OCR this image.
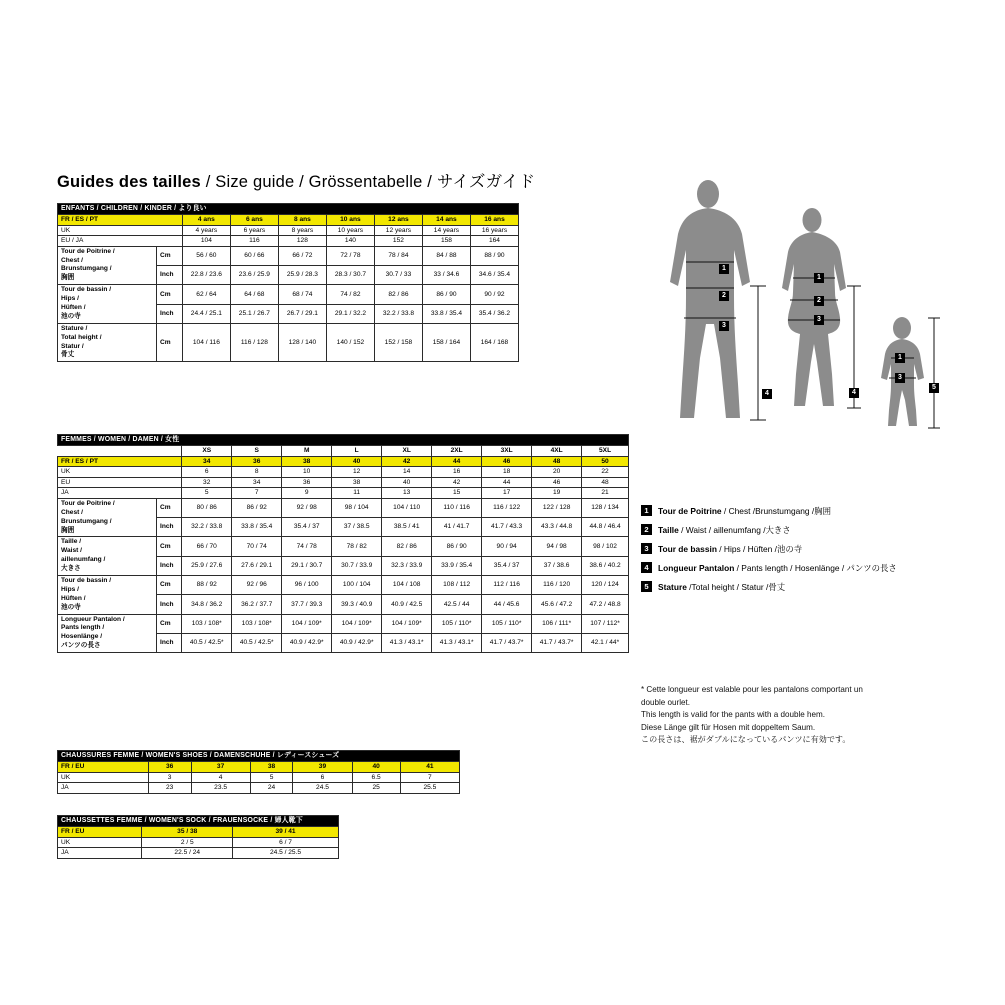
Guides des tailles / Size guide / Grössentabelle / サイズガイド
ENFANTS / CHILDREN / KINDER / より良い								
FR / ES / PT		4 ans	6 ans	8 ans	10 ans	12 ans	14 ans	16 ans
UK		4 years	6 years	8 years	10 years	12 years	14 years	16 years
EU / JA		104	116	128	140	152	158	164
Tour de Poitrine /
Chest /
Brunstumgang /
胸囲	Cm	56 / 60	60 / 66	66 / 72	72 / 78	78 / 84	84 / 88	88 / 90
	Inch	22.8 / 23.6	23.6 / 25.9	25.9 / 28.3	28.3 / 30.7	30.7 / 33	33 / 34.6	34.6 / 35.4
Tour de bassin /
Hips /
Hüften /
池の寺	Cm	62 / 64	64 / 68	68 / 74	74 / 82	82 / 86	86 / 90	90 / 92
	Inch	24.4 / 25.1	25.1 / 26.7	26.7 / 29.1	29.1 / 32.2	32.2 / 33.8	33.8 / 35.4	35.4 / 36.2
Stature /
Total height /
Statur /
骨丈	Cm	104 / 116	116 / 128	128 / 140	140 / 152	152 / 158	158 / 164	164 / 168
FEMMES / WOMEN / DAMEN / 女性										
		XS	S	M	L	XL	2XL	3XL	4XL	5XL
FR / ES / PT		34	36	38	40	42	44	46	48	50
UK		6	8	10	12	14	16	18	20	22
EU		32	34	36	38	40	42	44	46	48
JA		5	7	9	11	13	15	17	19	21
Tour de Poitrine /
Chest /
Brunstumgang /
胸囲	Cm	80 / 86	86 / 92	92 / 98	98 / 104	104 / 110	110 / 116	116 / 122	122 / 128	128 / 134
	Inch	32.2 / 33.8	33.8 / 35.4	35.4 / 37	37 / 38.5	38.5 / 41	41 / 41.7	41.7 / 43.3	43.3 / 44.8	44.8 / 46.4
Taille /
Waist /
aillenumfang /
大きさ	Cm	66 / 70	70 / 74	74 / 78	78 / 82	82 / 86	86 / 90	90 / 94	94 / 98	98 / 102
	Inch	25.9 / 27.6	27.6 / 29.1	29.1 / 30.7	30.7 / 33.9	32.3 / 33.9	33.9 / 35.4	35.4 / 37	37 / 38.6	38.6 / 40.2
Tour de bassin /
Hips /
Hüften /
池の寺	Cm	88 / 92	92 / 96	96 / 100	100 / 104	104 / 108	108 / 112	112 / 116	116 / 120	120 / 124
	Inch	34.8 / 36.2	36.2 / 37.7	37.7 / 39.3	39.3 / 40.9	40.9 / 42.5	42.5 / 44	44 / 45.6	45.6 / 47.2	47.2 / 48.8
Longueur Pantalon /
Pants length /
Hosenlänge /
パンツの長さ	Cm	103 / 108*	103 / 108*	104 / 109*	104 / 109*	104 / 109*	105 / 110*	105 / 110*	106 / 111*	107 / 112*
	Inch	40.5 / 42.5*	40.5 / 42.5*	40.9 / 42.9*	40.9 / 42.9*	41.3 / 43.1*	41.3 / 43.1*	41.7 / 43.7*	41.7 / 43.7*	42.1 / 44*
CHAUSSURES FEMME / WOMEN'S SHOES / DAMENSCHUHE / レディースシューズ						
FR / EU	36	37	38	39	40	41
UK	3	4	5	6	6.5	7
JA	23	23.5	24	24.5	25	25.5
CHAUSSETTES FEMME / WOMEN'S SOCK / FRAUENSOCKE / 婦人靴下		
FR / EU	35 / 38	39 / 41
UK	2 / 5	6 / 7
JA	22.5 / 24	24.5 / 25.5
1
2
3
4
1
2
3
4
1
3
5
1 Tour de Poitrine / Chest /Brunstumgang /胸囲
2 Taille / Waist / aillenumfang /大きさ
3 Tour de bassin / Hips / Hüften /池の寺
4 Longueur Pantalon / Pants length / Hosenlänge / パンツの長さ
5 Stature /Total height / Statur /骨丈
* Cette longueur est valable pour les pantalons comportant un
double ourlet.
This length is valid for the pants with a double hem.
Diese Länge gilt für Hosen mit doppeltem Saum.
この長さは、裾がダブルになっているパンツに有効です。
